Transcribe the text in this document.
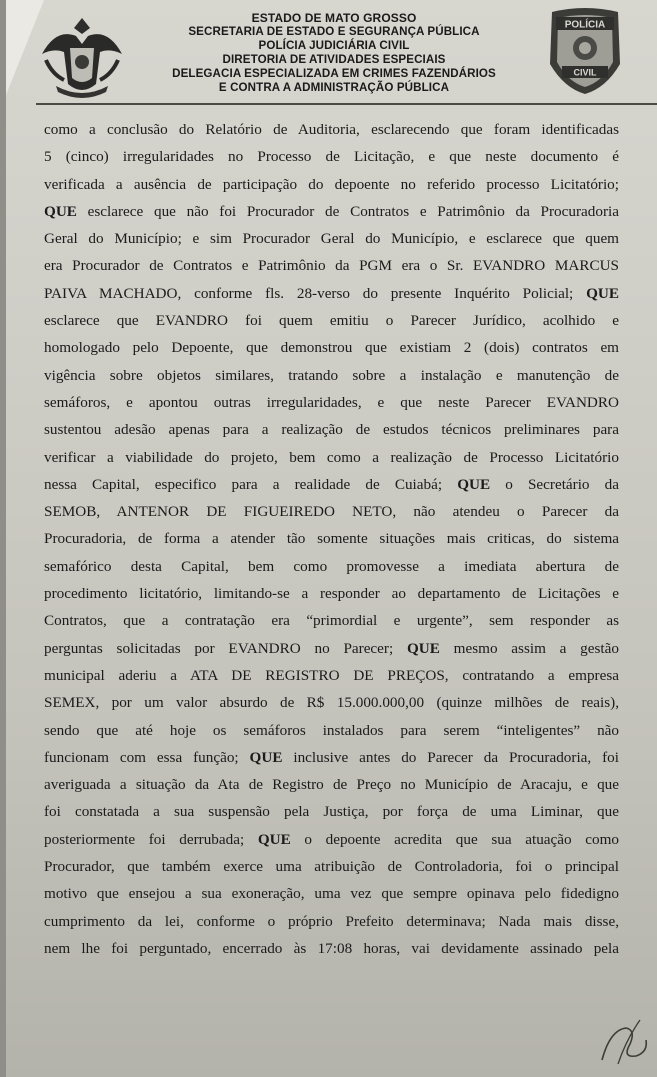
ESTADO DE MATO GROSSO
SECRETARIA DE ESTADO E SEGURANÇA PÚBLICA
POLÍCIA JUDICIÁRIA CIVIL
DIRETORIA DE ATIVIDADES ESPECIAIS
DELEGACIA ESPECIALIZADA EM CRIMES FAZENDÁRIOS
E CONTRA A ADMINISTRAÇÃO PÚBLICA
POLÍCIA
CIVIL
como a conclusão do Relatório de Auditoria, esclarecendo que foram identificadas
5 (cinco) irregularidades no Processo de Licitação, e que neste documento é
verificada a ausência de participação do depoente no referido processo Licitatório;
QUE esclarece que não foi Procurador de Contratos e Patrimônio da Procuradoria
Geral do Município; e sim Procurador Geral do Município, e esclarece que quem
era Procurador de Contratos e Patrimônio da PGM era o Sr. EVANDRO MARCUS
PAIVA MACHADO, conforme fls. 28-verso do presente Inquérito Policial; QUE
esclarece que EVANDRO foi quem emitiu o Parecer Jurídico, acolhido e
homologado pelo Depoente, que demonstrou que existiam 2 (dois) contratos em
vigência sobre objetos similares, tratando sobre a instalação e manutenção de
semáforos, e apontou outras irregularidades, e que neste Parecer EVANDRO
sustentou adesão apenas para a realização de estudos técnicos preliminares para
verificar a viabilidade do projeto, bem como a realização de Processo Licitatório
nessa Capital, especifico para a realidade de Cuiabá; QUE o Secretário da
SEMOB, ANTENOR DE FIGUEIREDO NETO, não atendeu o Parecer da
Procuradoria, de forma a atender tão somente situações mais criticas, do sistema
semafórico desta Capital, bem como promovesse a imediata abertura de
procedimento licitatório, limitando-se a responder ao departamento de Licitações e
Contratos, que a contratação era “primordial e urgente”, sem responder as
perguntas solicitadas por EVANDRO no Parecer; QUE mesmo assim a gestão
municipal aderiu a ATA DE REGISTRO DE PREÇOS, contratando a empresa
SEMEX, por um valor absurdo de R$ 15.000.000,00 (quinze milhões de reais),
sendo que até hoje os semáforos instalados para serem “inteligentes” não
funcionam com essa função; QUE inclusive antes do Parecer da Procuradoria, foi
averiguada a situação da Ata de Registro de Preço no Município de Aracaju, e que
foi constatada a sua suspensão pela Justiça, por força de uma Liminar, que
posteriormente foi derrubada; QUE o depoente acredita que sua atuação como
Procurador, que também exerce uma atribuição de Controladoria, foi o principal
motivo que ensejou a sua exoneração, uma vez que sempre opinava pelo fidedigno
cumprimento da lei, conforme o próprio Prefeito determinava; Nada mais disse,
nem lhe foi perguntado, encerrado às 17:08 horas, vai devidamente assinado pela
